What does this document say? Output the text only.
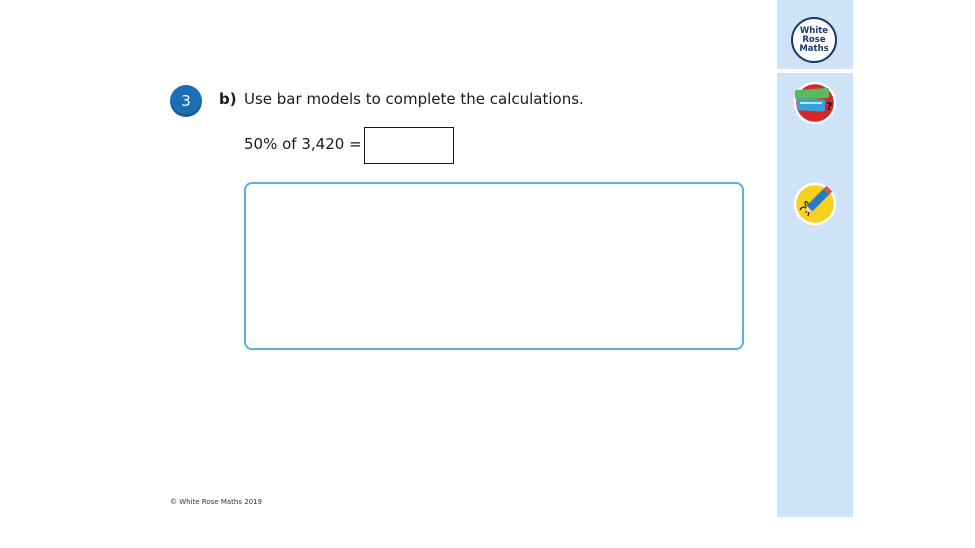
White
Rose
Maths
?
3	b) Use bar models to complete the calculations.
50% of 3,420 =
© White Rose Maths 2019
